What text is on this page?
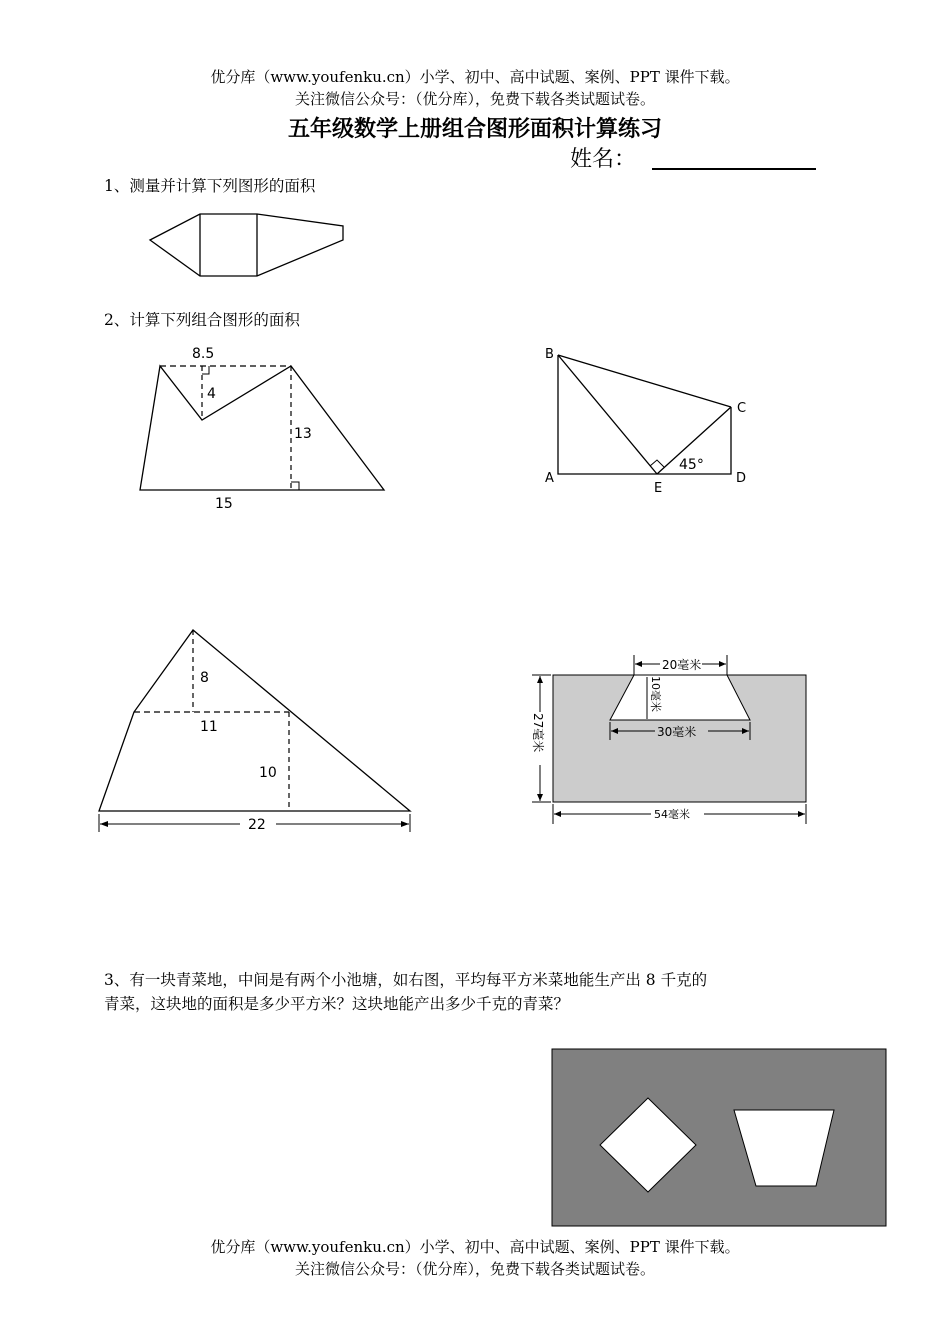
优分库（www.youfenku.cn）小学、初中、高中试题、案例、PPT 课件下载。
关注微信公众号：（优分库），免费下载各类试题试卷。
五年级数学上册组合图形面积计算练习
姓名：
1、测量并计算下列图形的面积
2、计算下列组合图形的面积
8.5
4
13
15
B
C
A
E
D
45°
8
11
10
22
20毫米
10毫米
30毫米
27毫米
54毫米
3、有一块青菜地，中间是有两个小池塘，如右图，平均每平方米菜地能生产出 8 千克的
青菜，这块地的面积是多少平方米？这块地能产出多少千克的青菜？
优分库（www.youfenku.cn）小学、初中、高中试题、案例、PPT 课件下载。
关注微信公众号：（优分库），免费下载各类试题试卷。
